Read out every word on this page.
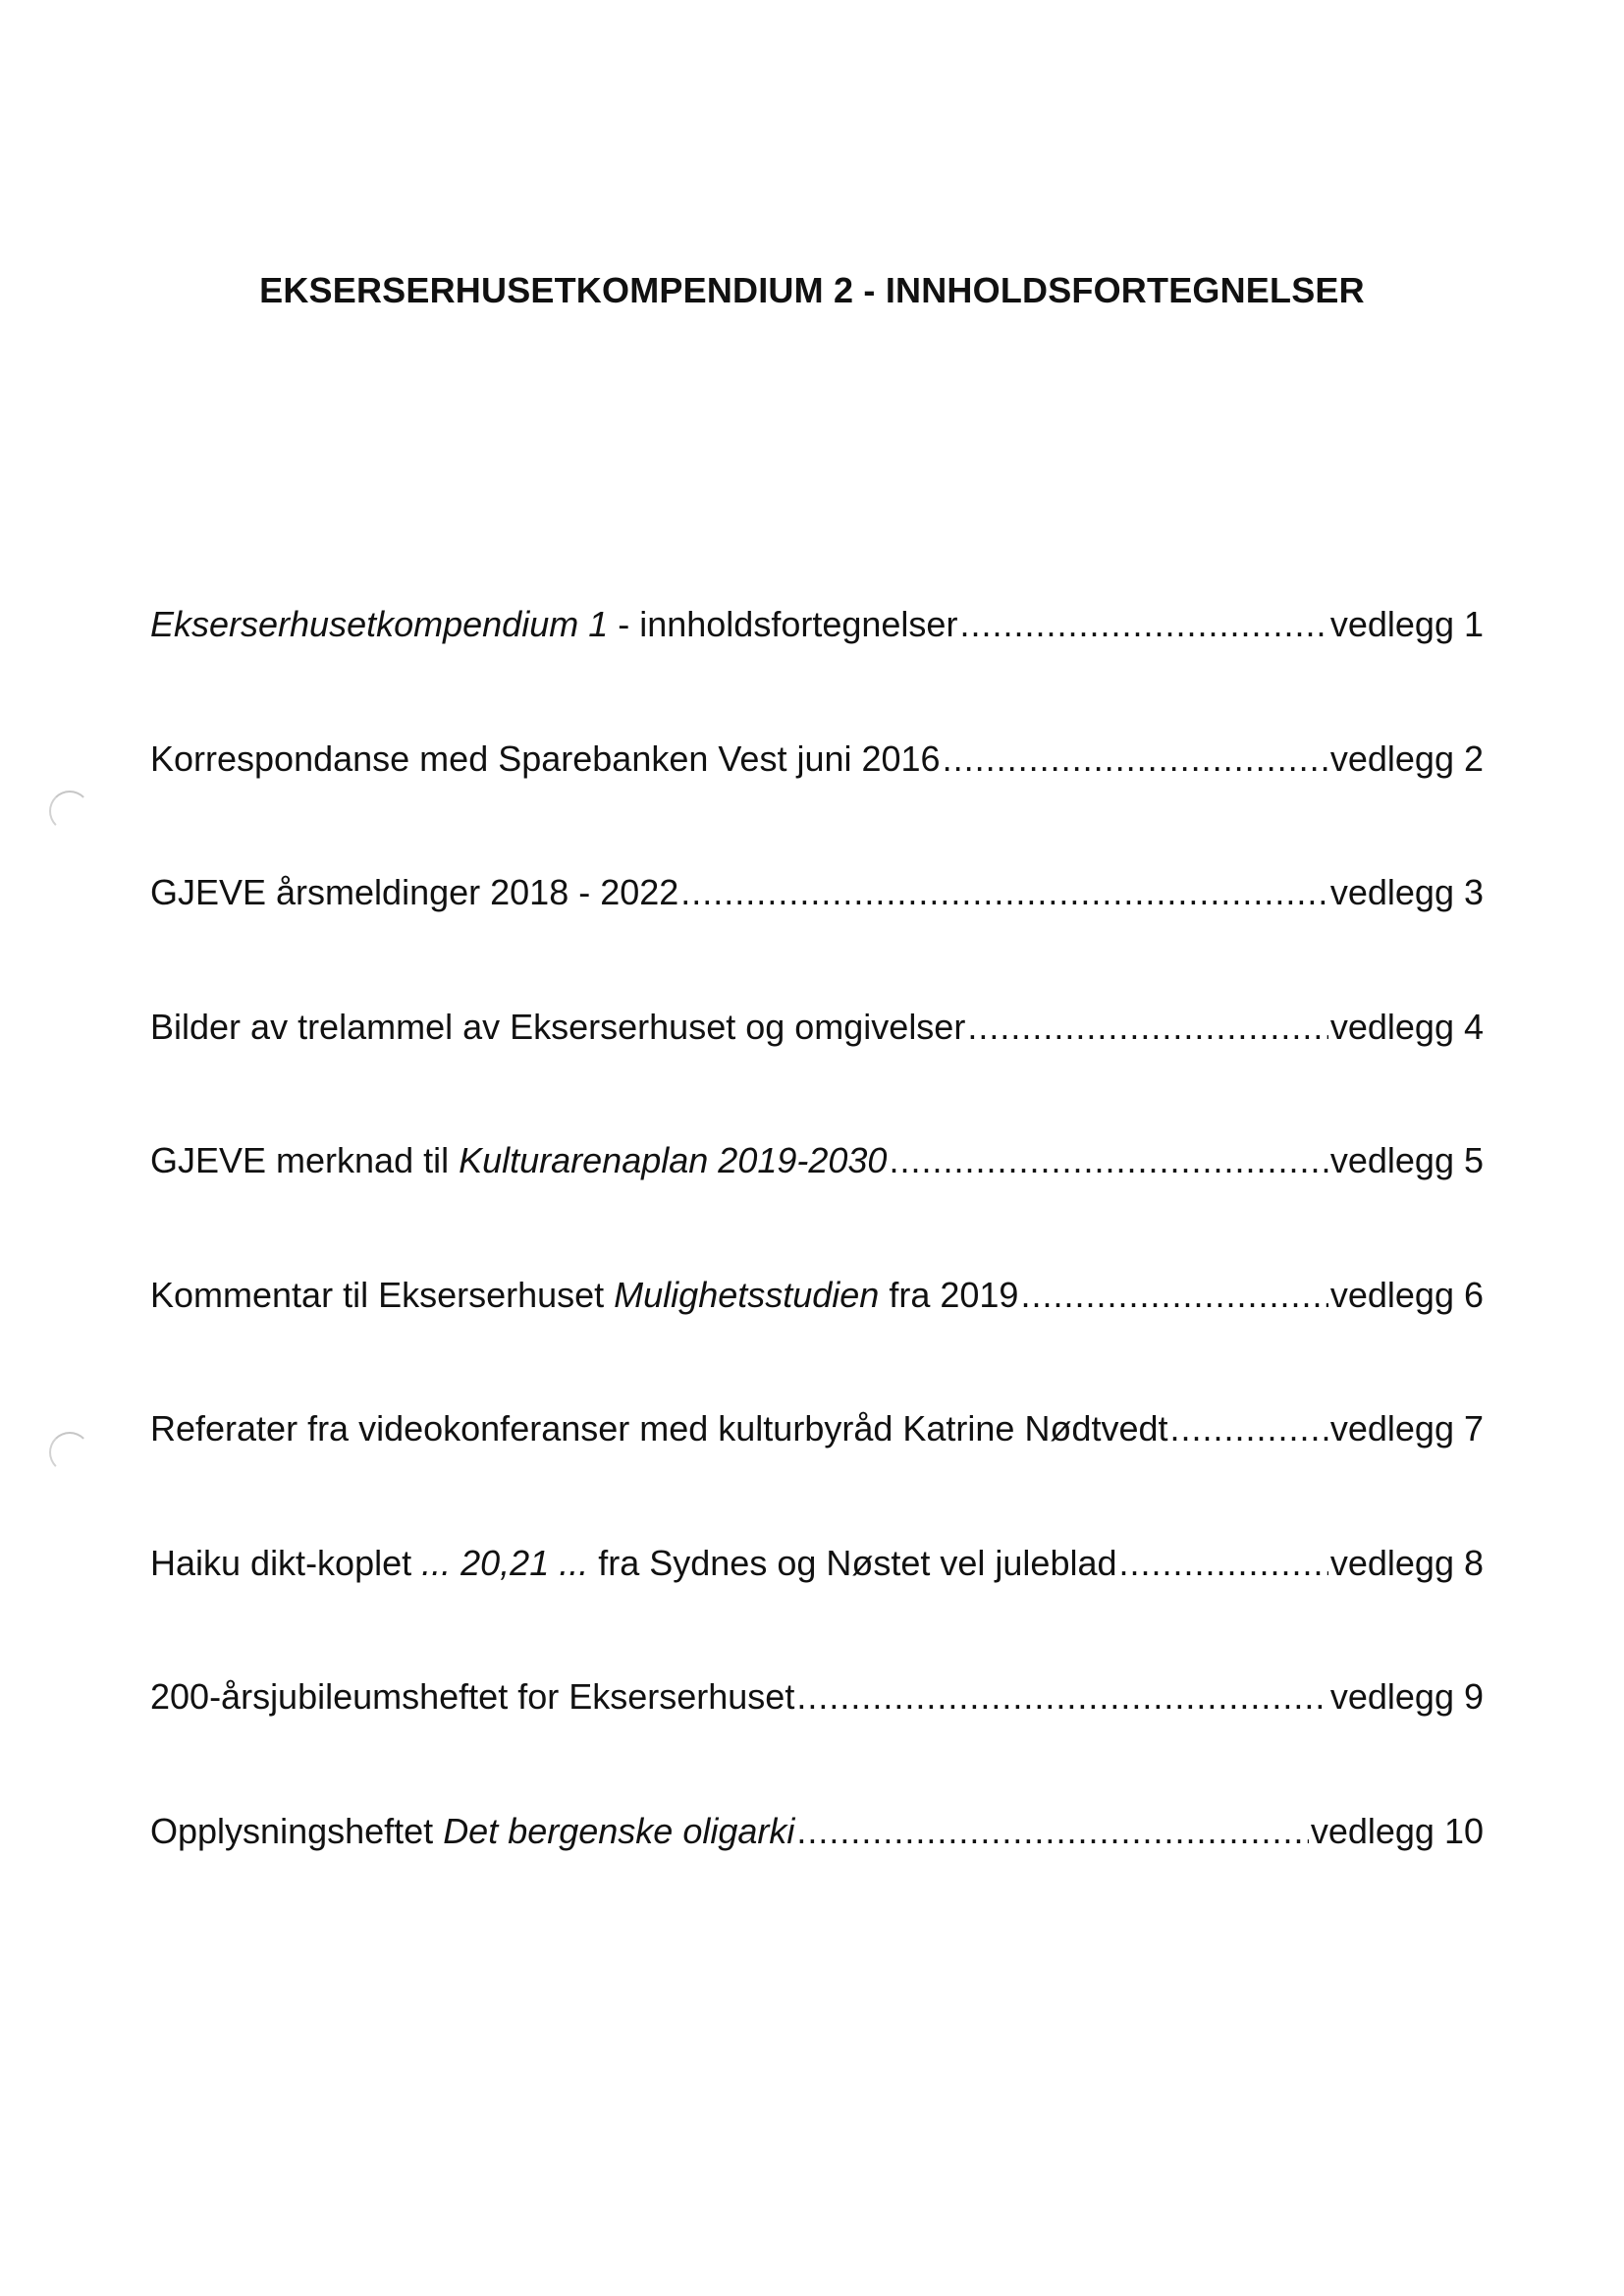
EKSERSERHUSETKOMPENDIUM 2 - INNHOLDSFORTEGNELSER
Ekserserhusetkompendium 1 - innholdsfortegnelser .....	vedlegg 1
Korrespondanse med Sparebanken Vest juni 2016 .....	vedlegg 2
GJEVE årsmeldinger 2018 - 2022 .....	vedlegg 3
Bilder av trelammel av Ekserserhuset og omgivelser .....	vedlegg 4
GJEVE merknad til Kulturarenaplan 2019-2030 .....	vedlegg 5
Kommentar til Ekserserhuset Mulighetsstudien fra 2019 .....	vedlegg 6
Referater fra videokonferanser med kulturbyråd Katrine Nødtvedt .....	vedlegg 7
Haiku dikt-koplet ... 20,21 ... fra Sydnes og Nøstet vel juleblad .....	vedlegg 8
200-årsjubileumsheftet for Ekserserhuset .....	vedlegg 9
Opplysningsheftet Det bergenske oligarki .....	vedlegg 10
